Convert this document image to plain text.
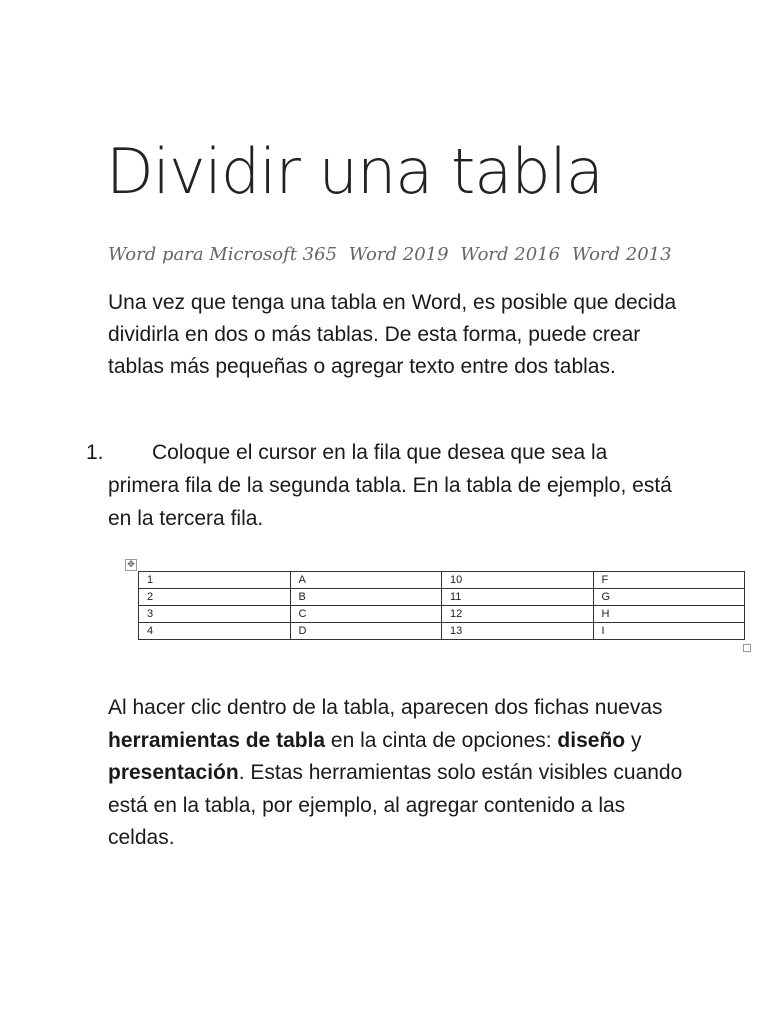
Dividir una tabla
Word para Microsoft 365 Word 2019 Word 2016 Word 2013

Una vez que tenga una tabla en Word, es posible que decida dividirla en dos o más tablas. De esta forma, puede crear tablas más pequeñas o agregar texto entre dos tablas.

1. Coloque el cursor en la fila que desea que sea la
primera fila de la segunda tabla. En la tabla de ejemplo, está en la tercera fila.
✥
1	A	10	F
2	B	11	G
3	C	12	H
4	D	13	I

Al hacer clic dentro de la tabla, aparecen dos fichas nuevas herramientas de tabla en la cinta de opciones: diseño y presentación. Estas herramientas solo están visibles cuando está en la tabla, por ejemplo, al agregar contenido a las celdas.
